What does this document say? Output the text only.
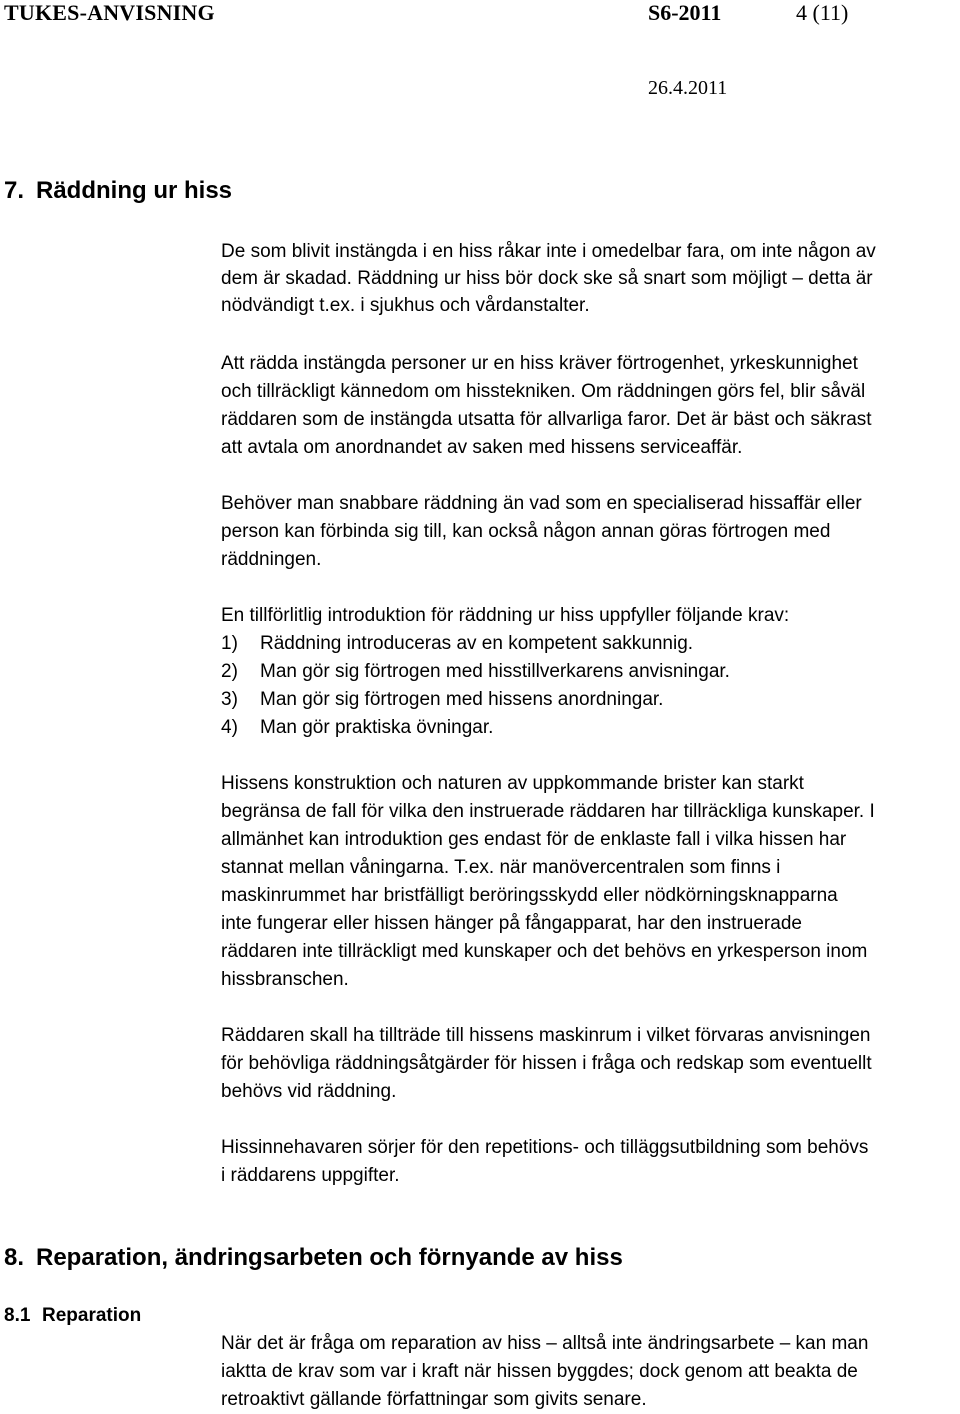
TUKES-ANVISNING	S6-2011	4 (11)
26.4.2011
7. Räddning ur hiss

De som blivit instängda i en hiss råkar inte i omedelbar fara, om inte någon av
dem är skadad. Räddning ur hiss bör dock ske så snart som möjligt – detta är
nödvändigt t.ex. i sjukhus och vårdanstalter.

Att rädda instängda personer ur en hiss kräver förtrogenhet, yrkeskunnighet
och tillräckligt kännedom om hisstekniken. Om räddningen görs fel, blir såväl
räddaren som de instängda utsatta för allvarliga faror. Det är bäst och säkrast
att avtala om anordnandet av saken med hissens serviceaffär.

Behöver man snabbare räddning än vad som en specialiserad hissaffär eller
person kan förbinda sig till, kan också någon annan göras förtrogen med
räddningen.

En tillförlitlig introduktion för räddning ur hiss uppfyller följande krav:

1) Räddning introduceras av en kompetent sakkunnig.
2) Man gör sig förtrogen med hisstillverkarens anvisningar.
3) Man gör sig förtrogen med hissens anordningar.
4) Man gör praktiska övningar.

Hissens konstruktion och naturen av uppkommande brister kan starkt
begränsa de fall för vilka den instruerade räddaren har tillräckliga kunskaper. I
allmänhet kan introduktion ges endast för de enklaste fall i vilka hissen har
stannat mellan våningarna. T.ex. när manövercentralen som finns i
maskinrummet har bristfälligt beröringsskydd eller nödkörningsknapparna
inte fungerar eller hissen hänger på fångapparat, har den instruerade
räddaren inte tillräckligt med kunskaper och det behövs en yrkesperson inom
hissbranschen.

Räddaren skall ha tillträde till hissens maskinrum i vilket förvaras anvisningen
för behövliga räddningsåtgärder för hissen i fråga och redskap som eventuellt
behövs vid räddning.

Hissinnehavaren sörjer för den repetitions- och tilläggsutbildning som behövs
i räddarens uppgifter.

8. Reparation, ändringsarbeten och förnyande av hiss
8.1 Reparation

När det är fråga om reparation av hiss – alltså inte ändringsarbete – kan man
iaktta de krav som var i kraft när hissen byggdes; dock genom att beakta de
retroaktivt gällande författningar som givits senare.
